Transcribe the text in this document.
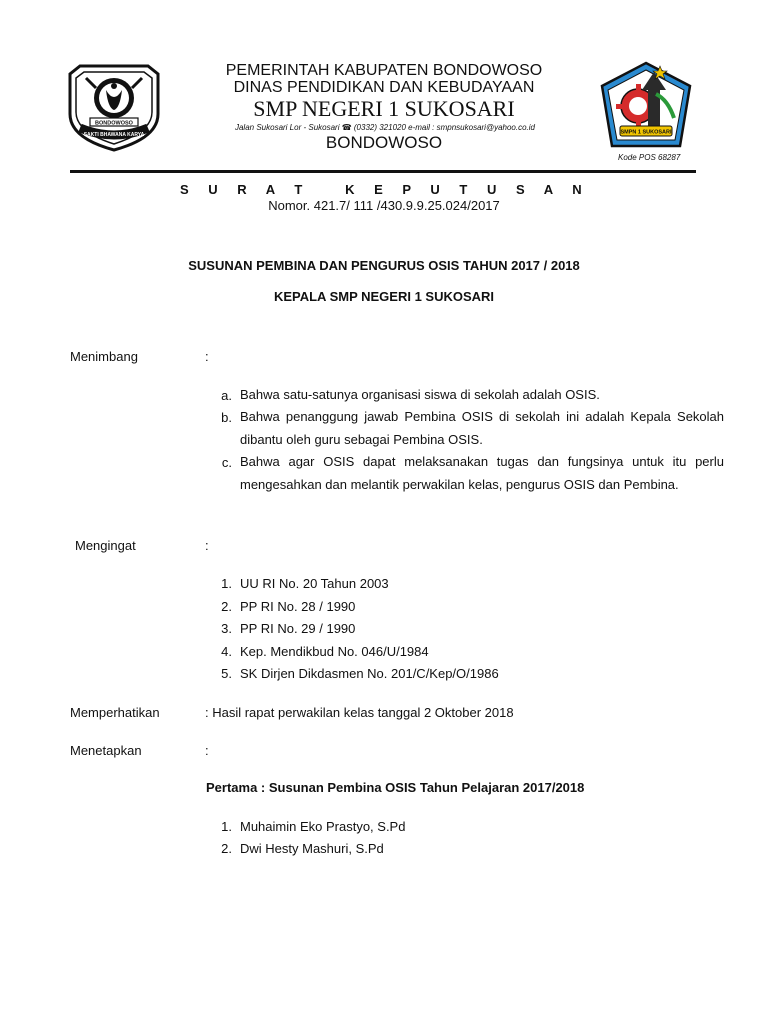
BONDOWOSO
SAKTI BHAWANA KARYA	SMPN 1 SUKOSARI
PEMERINTAH KABUPATEN BONDOWOSO
DINAS PENDIDIKAN DAN KEBUDAYAAN
SMP NEGERI 1 SUKOSARI
Jalan Sukosari Lor - Sukosari ☎ (0332) 321020 e-mail : smpnsukosari@yahoo.co.id
BONDOWOSO
Kode POS 68287
S U R A T   K E P U T U S A N
Nomor. 421.7/ 111 /430.9.9.25.024/2017
SUSUNAN PEMBINA DAN PENGURUS OSIS TAHUN 2017 / 2018
KEPALA SMP NEGERI 1 SUKOSARI
Menimbang	:
a. Bahwa satu-satunya organisasi siswa di sekolah adalah OSIS.
b. Bahwa penanggung jawab Pembina OSIS di sekolah ini adalah Kepala Sekolah dibantu oleh guru sebagai Pembina OSIS.
c. Bahwa agar OSIS dapat melaksanakan tugas dan fungsinya untuk itu perlu mengesahkan dan melantik perwakilan kelas, pengurus OSIS dan Pembina.
Mengingat	:
1. UU RI No. 20 Tahun 2003
2. PP RI No. 28 / 1990
3. PP RI No. 29 / 1990
4. Kep. Mendikbud No. 046/U/1984
5. SK Dirjen Dikdasmen No. 201/C/Kep/O/1986
Memperhatikan	: Hasil rapat perwakilan kelas tanggal 2 Oktober 2018
Menetapkan	:
Pertama : Susunan Pembina OSIS Tahun Pelajaran 2017/2018
1. Muhaimin Eko Prastyo, S.Pd
2. Dwi Hesty Mashuri, S.Pd
